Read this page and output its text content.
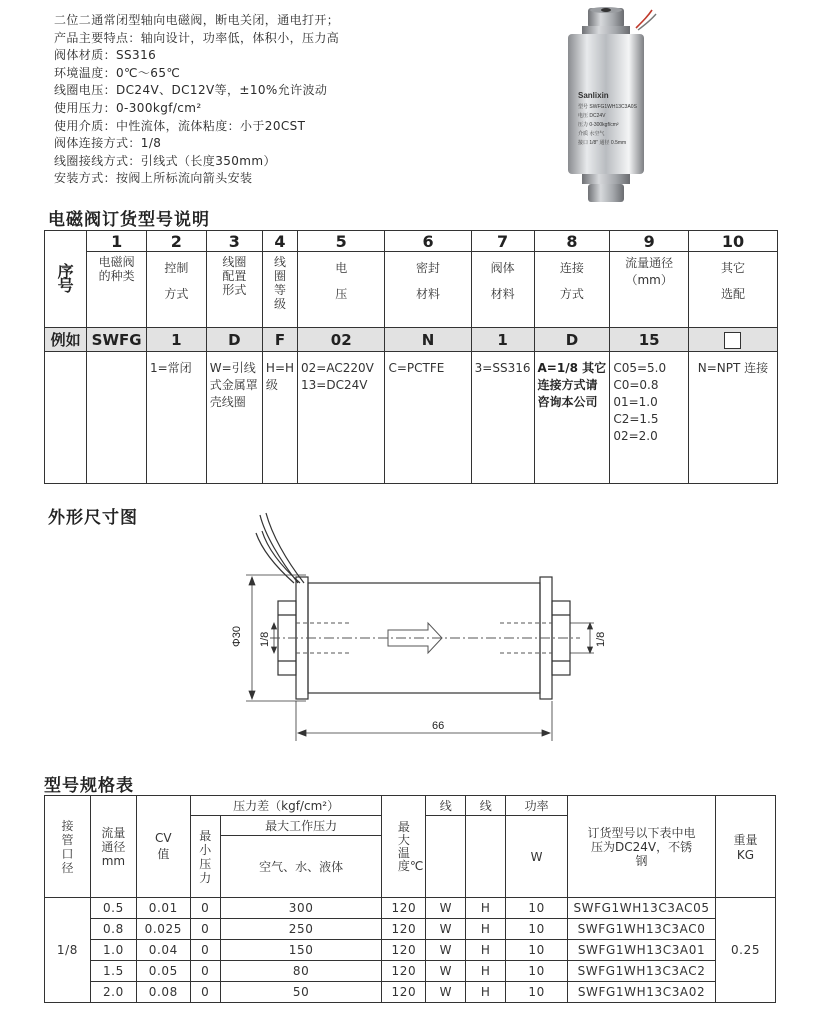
二位二通常闭型轴向电磁阀，断电关闭，通电打开；
产品主要特点：轴向设计，功率低，体积小，压力高
阀体材质：SS316
环境温度：0℃～65℃
线圈电压：DC24V、DC12V等，±10%允许波动
使用压力：0-300kgf/cm²
使用介质：中性流体，流体粘度：小于20CST
阀体连接方式：1/8
线圈接线方式：引线式（长度350mm）
安装方式：按阀上所标流向箭头安装
Sanlixin
型号 SWFG1WH13C3A0S
电压 DC24V
压力 0-300kgf/cm²
介质 水空气
接口 1/8" 通径 0.5mm
电磁阀订货型号说明
序号	1	2	3	4	5	6	7	8	9	10

	电磁阀的种类	控制方式	线圈配置形式	线圈等级	电压	密封材料	阀体材料	连接方式	流量通径（mm）	其它选配

例如	SWFG	1	D	F	02	N	1	D	15	
		1=常闭	W=引线式金属罩壳线圈	H=H级	02=AC220V 13=DC24V	C=PCTFE	3=SS316	A=1/8 其它连接方式请咨询本公司	C05=5.0 C0=0.8 01=1.0 C2=1.5 02=2.0	N=NPT 连接
外形尺寸图
Φ30 1/8	1/8
66
型号规格表
接管口径	流量通径mm	CV值	压力差（kgf/cm²）		最大温度℃	线	线	功率	订货型号以下表中电压为DC24V，不锈钢	重量KG

			最小压力	最大工作压力				W		
				空气、水、液体						
1/8	0.5	0.01	0	300	120	W	H	10	SWFG1WH13C3AC05	0.25
	0.8	0.025	0	250	120	W	H	10	SWFG1WH13C3AC0	
	1.0	0.04	0	150	120	W	H	10	SWFG1WH13C3A01	
	1.5	0.05	0	80	120	W	H	10	SWFG1WH13C3AC2	
	2.0	0.08	0	50	120	W	H	10	SWFG1WH13C3A02	
